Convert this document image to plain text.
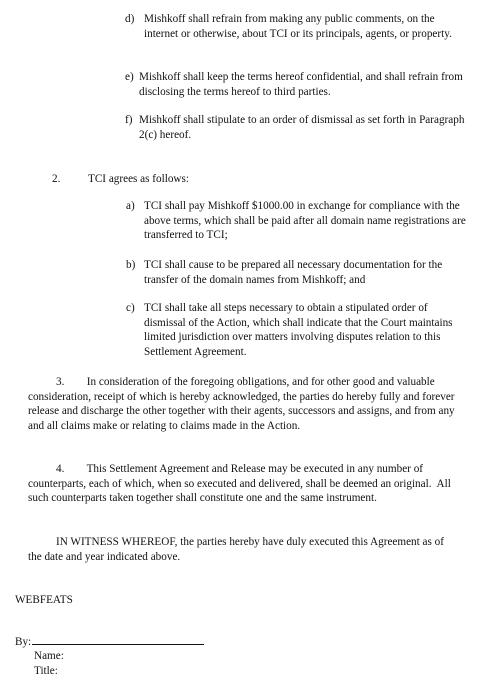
d) Mishkoff shall refrain from making any public comments, on the internet or otherwise, about TCI or its principals, agents, or property.
e) Mishkoff shall keep the terms hereof confidential, and shall refrain from disclosing the terms hereof to third parties.
f) Mishkoff shall stipulate to an order of dismissal as set forth in Paragraph 2(c) hereof.
2. TCI agrees as follows:
a) TCI shall pay Mishkoff $1000.00 in exchange for compliance with the above terms, which shall be paid after all domain name registrations are transferred to TCI;
b) TCI shall cause to be prepared all necessary documentation for the transfer of the domain names from Mishkoff; and
c) TCI shall take all steps necessary to obtain a stipulated order of dismissal of the Action, which shall indicate that the Court maintains limited jurisdiction over matters involving disputes relation to this Settlement Agreement.
3.        In consideration of the foregoing obligations, and for other good and valuable consideration, receipt of which is hereby acknowledged, the parties do hereby fully and forever release and discharge the other together with their agents, successors and assigns, and from any and all claims make or relating to claims made in the Action.
4.        This Settlement Agreement and Release may be executed in any number of counterparts, each of which, when so executed and delivered, shall be deemed an original.  All such counterparts taken together shall constitute one and the same instrument.
IN WITNESS WHEREOF, the parties hereby have duly executed this Agreement as of the date and year indicated above.
WEBFEATS
By:
Name:
Title:
